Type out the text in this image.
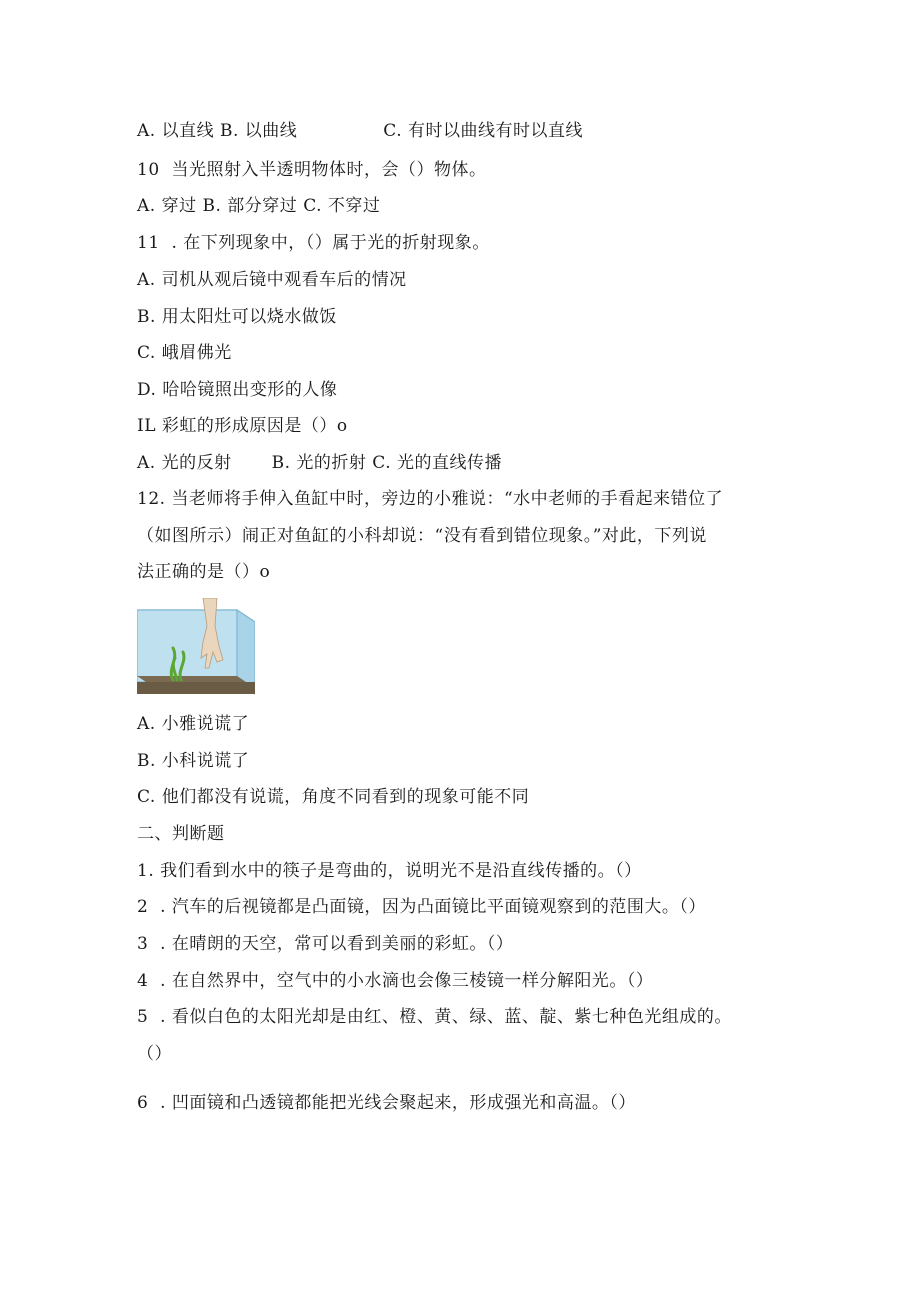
A. 以直线 B. 以曲线	C. 有时以曲线有时以直线
10  当光照射入半透明物体时，会（）物体。
A. 穿过 B. 部分穿过 C. 不穿过
11  . 在下列现象中，（）属于光的折射现象。
A. 司机从观后镜中观看车后的情况
B. 用太阳灶可以烧水做饭
C. 峨眉佛光
D. 哈哈镜照出变形的人像
IL 彩虹的形成原因是（）o
A. 光的反射 B. 光的折射 C. 光的直线传播
12. 当老师将手伸入鱼缸中时，旁边的小雅说：“水中老师的手看起来错位了
（如图所示）闹正对鱼缸的小科却说：“没有看到错位现象。”对此，下列说
法正确的是（）o
A. 小雅说谎了
B. 小科说谎了
C. 他们都没有说谎，角度不同看到的现象可能不同
二、判断题
1. 我们看到水中的筷子是弯曲的，说明光不是沿直线传播的。（）
2  . 汽车的后视镜都是凸面镜，因为凸面镜比平面镜观察到的范围大。（）
3  . 在晴朗的天空，常可以看到美丽的彩虹。（）
4  . 在自然界中，空气中的小水滴也会像三棱镜一样分解阳光。（）
5  . 看似白色的太阳光却是由红、橙、黄、绿、蓝、靛、紫七种色光组成的。
（）
6  . 凹面镜和凸透镜都能把光线会聚起来，形成强光和高温。（）
